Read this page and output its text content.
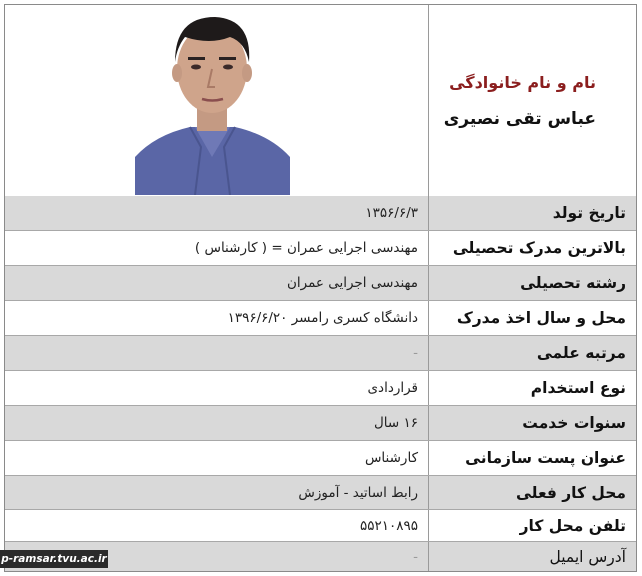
نام و نام خانوادگی
عباس تقی نصیری
تاریخ تولد
۱۳۵۶/۶/۳
بالاترین مدرک تحصیلی
مهندسی اجرایی عمران = ( کارشناس )
رشته تحصیلی
مهندسی اجرایی عمران
محل و سال اخذ مدرک
دانشگاه کسری رامسر ۱۳۹۶/۶/۲۰
مرتبه علمی
-
نوع استخدام
قراردادی
سنوات خدمت
۱۶ سال
عنوان پست سازمانی
کارشناس
محل کار فعلی
رابط اساتید - آموزش
تلفن محل کار
۵۵۲۱۰۸۹۵
آدرس ایمیل
-
p-ramsar.tvu.ac.ir
